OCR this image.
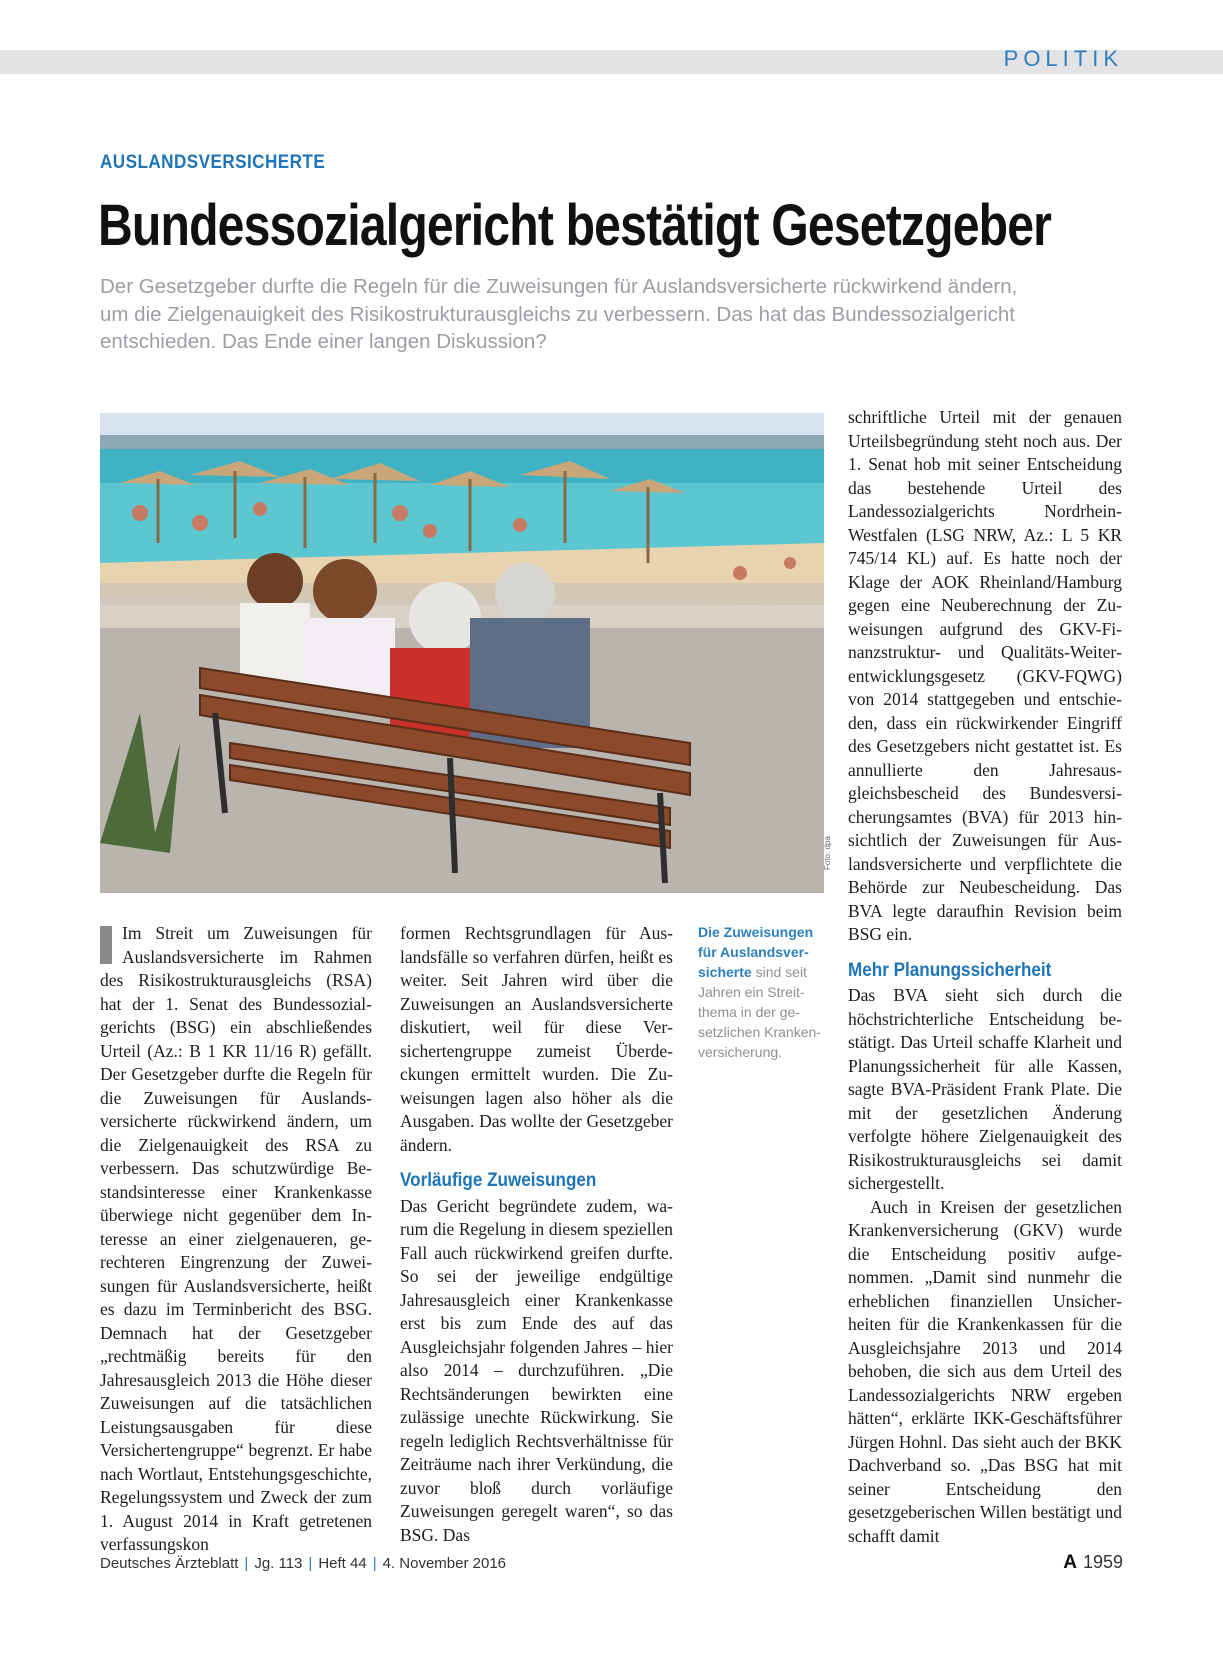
POLITIK
AUSLANDSVERSICHERTE
Bundessozialgericht bestätigt Gesetzgeber
Der Gesetzgeber durfte die Regeln für die Zuweisungen für Auslandsversicherte rückwirkend ändern, um die Zielgenauigkeit des Risikostrukturausgleichs zu verbessern. Das hat das Bundessozialgericht entschieden. Das Ende einer langen Diskussion?
Foto: dpa

Im Streit um Zuweisungen für Auslandsversicherte im Rahmen des Risikostrukturausgleichs (RSA) hat der 1. Senat des Bundessozialgerichts (BSG) ein abschließendes Urteil (Az.: B 1 KR 11/16 R) gefällt. Der Gesetzgeber durfte die Regeln für die Zuweisungen für Auslandsversicherte rückwirkend ändern, um die Zielgenauigkeit des RSA zu verbessern. Das schutzwürdige Bestandsinteresse einer Krankenkasse überwiege nicht gegenüber dem Interesse an einer zielgenaueren, gerechteren Eingrenzung der Zuweisungen für Auslandsversicherte, heißt es dazu im Terminbericht des BSG. Demnach hat der Gesetzgeber „rechtmäßig bereits für den Jahresausgleich 2013 die Höhe dieser Zuweisungen auf die tatsächlichen Leistungsausgaben für diese Versichertengruppe“ begrenzt. Er habe nach Wortlaut, Entstehungsgeschichte, Regelungssystem und Zweck der zum 1. August 2014 in Kraft getretenen verfassungskon

formen Rechtsgrundlagen für Auslandsfälle so verfahren dürfen, heißt es weiter. Seit Jahren wird über die Zuweisungen an Auslandsversicherte diskutiert, weil für diese Versichertengruppe zumeist Überdeckungen ermittelt wurden. Die Zuweisungen lagen also höher als die Ausgaben. Das wollte der Gesetzgeber ändern.

Vorläufige Zuweisungen

Das Gericht begründete zudem, warum die Regelung in diesem speziellen Fall auch rückwirkend greifen durfte. So sei der jeweilige endgültige Jahresausgleich einer Krankenkasse erst bis zum Ende des auf das Ausgleichsjahr folgenden Jahres – hier also 2014 – durchzuführen. „Die Rechtsänderungen bewirkten eine zulässige unechte Rückwirkung. Sie regeln lediglich Rechtsverhältnisse für Zeiträume nach ihrer Verkündung, die zuvor bloß durch vorläufige Zuweisungen geregelt waren“, so das BSG. Das

Die Zuweisungen für Auslandsversicherte sind seit Jahren ein Streitthema in der gesetzlichen Krankenversicherung.

schriftliche Urteil mit der genauen Urteilsbegründung steht noch aus. Der 1. Senat hob mit seiner Entscheidung das bestehende Urteil des Landessozialgerichts Nordrhein-Westfalen (LSG NRW, Az.: L 5 KR 745/14 KL) auf. Es hatte noch der Klage der AOK Rheinland/Hamburg gegen eine Neuberechnung der Zuweisungen aufgrund des GKV-Finanzstruktur- und Qualitäts-Weiterentwicklungsgesetz (GKV-FQWG) von 2014 stattgegeben und entschieden, dass ein rückwirkender Eingriff des Gesetzgebers nicht gestattet ist. Es annullierte den Jahresausgleichsbescheid des Bundesversicherungsamtes (BVA) für 2013 hinsichtlich der Zuweisungen für Auslandsversicherte und verpflichtete die Behörde zur Neubescheidung. Das BVA legte daraufhin Revision beim BSG ein.

Mehr Planungssicherheit

Das BVA sieht sich durch die höchstrichterliche Entscheidung bestätigt. Das Urteil schaffe Klarheit und Planungssicherheit für alle Kassen, sagte BVA-Präsident Frank Plate. Die mit der gesetzlichen Änderung verfolgte höhere Zielgenauigkeit des Risikostrukturausgleichs sei damit sichergestellt.

Auch in Kreisen der gesetzlichen Krankenversicherung (GKV) wurde die Entscheidung positiv aufgenommen. „Damit sind nunmehr die erheblichen finanziellen Unsicherheiten für die Krankenkassen für die Ausgleichsjahre 2013 und 2014 behoben, die sich aus dem Urteil des Landessozialgerichts NRW ergeben hätten“, erklärte IKK-Geschäftsführer Jürgen Hohnl. Das sieht auch der BKK Dachverband so. „Das BSG hat mit seiner Entscheidung den gesetzgeberischen Willen bestätigt und schafft damit

Deutsches Ärzteblatt | Jg. 113 | Heft 44 | 4. November 2016	A 1959
